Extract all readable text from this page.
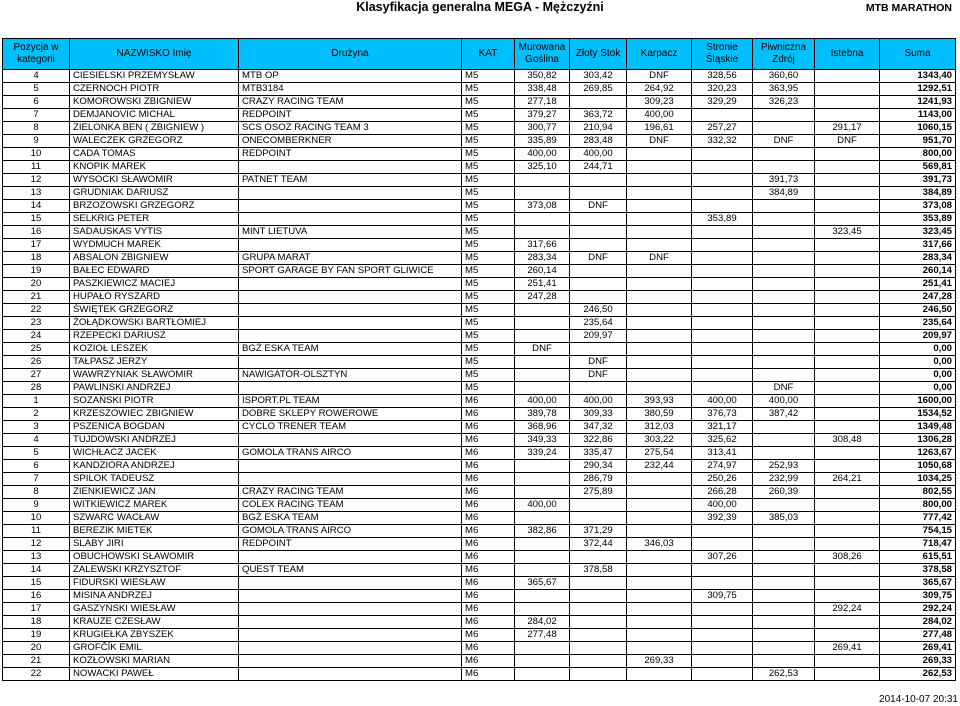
Klasyfikacja generalna MEGA - Mężczyźni	MTB MARATHON
Pozycja w kategorii	NAZWISKO Imię	Drużyna	KAT	Murowana Goślina	Złoty Stok	Karpacz	Stronie Śląskie	Piwniczna Zdrój	Istebna	Suma
4	CIESIELSKI PRZEMYSŁAW	MTB OP	M5	350,82	303,42	DNF	328,56	360,60		1343,40
5	CZERNOCH PIOTR	MTB3184	M5	338,48	269,85	264,92	320,23	363,95		1292,51
6	KOMOROWSKI ZBIGNIEW	CRAZY RACING TEAM	M5	277,18		309,23	329,29	326,23		1241,93
7	DEMJANOVIC MICHAL	REDPOINT	M5	379,27	363,72	400,00				1143,00
8	ZIELONKA BEN ( ZBIGNIEW )	SCS OSOZ RACING TEAM 3	M5	300,77	210,94	196,61	257,27		291,17	1060,15
9	WALECZEK GRZEGORZ	ONECOMBERKNER	M5	335,89	283,48	DNF	332,32	DNF	DNF	951,70
10	CADA TOMAS	REDPOINT	M5	400,00	400,00					800,00
11	KNOPIK MAREK		M5	325,10	244,71					569,81
12	WYSOCKI SŁAWOMIR	PATNET TEAM	M5					391,73		391,73
13	GRUDNIAK DARIUSZ		M5					384,89		384,89
14	BRZOZOWSKI GRZEGORZ		M5	373,08	DNF					373,08
15	SELKRIG PETER		M5				353,89			353,89
16	SADAUSKAS VYTIS	MINT LIETUVA	M5						323,45	323,45
17	WYDMUCH MAREK		M5	317,66						317,66
18	ABSALON ZBIGNIEW	GRUPA MARAT	M5	283,34	DNF	DNF				283,34
19	BAŁEC EDWARD	SPORT GARAGE BY FAN SPORT GLIWICE	M5	260,14						260,14
20	PASZKIEWICZ MACIEJ		M5	251,41						251,41
21	HUPAŁO RYSZARD		M5	247,28						247,28
22	ŚWIĘTEK GRZEGORZ		M5		246,50					246,50
23	ŻOŁĄDKOWSKI BARTŁOMIEJ		M5		235,64					235,64
24	RZEPECKI DARIUSZ		M5		209,97					209,97
25	KOZIOŁ LESZEK	BGŻ ESKA TEAM	M5	DNF						0,00
26	TAŁPASZ JERZY		M5		DNF					0,00
27	WAWRZYNIAK SŁAWOMIR	NAWIGATOR-OLSZTYN	M5		DNF					0,00
28	PAWLINSKI ANDRZEJ		M5					DNF		0,00
1	SOZAŃSKI PIOTR	ISPORT.PL TEAM	M6	400,00	400,00	393,93	400,00	400,00		1600,00
2	KRZESZOWIEC ZBIGNIEW	DOBRE SKLEPY ROWEROWE	M6	389,78	309,33	380,59	376,73	387,42		1534,52
3	PSZENICA BOGDAN	CYCLO TRENER TEAM	M6	368,96	347,32	312,03	321,17			1349,48
4	TUJDOWSKI ANDRZEJ		M6	349,33	322,86	303,22	325,62		308,48	1306,28
5	WICHŁACZ JACEK	GOMOLA TRANS AIRCO	M6	339,24	335,47	275,54	313,41			1263,67
6	KANDZIORA ANDRZEJ		M6		290,34	232,44	274,97	252,93		1050,68
7	SPILOK TADEUSZ		M6		286,79		250,26	232,99	264,21	1034,25
8	ZIENKIEWICZ JAN	CRAZY RACING TEAM	M6		275,89		266,28	260,39		802,55
9	WITKIEWICZ MAREK	COLEX RACING TEAM	M6	400,00			400,00			800,00
10	SZWARC WACŁAW	BGŻ ESKA TEAM	M6				392,39	385,03		777,42
11	BEREZIK MIETEK	GOMOLA TRANS AIRCO	M6	382,86	371,29					754,15
12	SLABY JIRI	REDPOINT	M6		372,44	346,03				718,47
13	OBUCHOWSKI SŁAWOMIR		M6				307,26		308,26	615,51
14	ZALEWSKI KRZYSZTOF	QUEST TEAM	M6		378,58					378,58
15	FIDURSKI WIESŁAW		M6	365,67						365,67
16	MISINA ANDRZEJ		M6				309,75			309,75
17	GASZYŃSKI WIESŁAW		M6						292,24	292,24
18	KRAUZE CZESŁAW		M6	284,02						284,02
19	KRUGIEŁKA ZBYSZEK		M6	277,48						277,48
20	GROFČÍK EMIL		M6						269,41	269,41
21	KOZŁOWSKI MARIAN		M6			269,33				269,33
22	NOWACKI PAWEŁ		M6					262,53		262,53
2014-10-07 20:31
